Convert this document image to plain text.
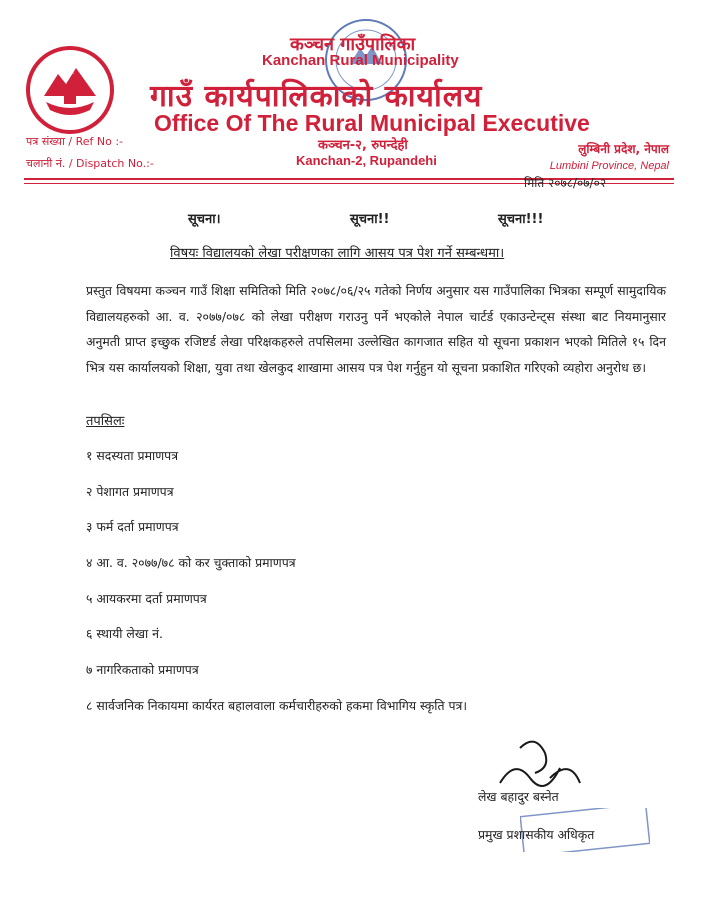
कञ्चन गाउँपालिका
Kanchan Rural Municipality
गाउँ कार्यपालिकाको कार्यालय
Office Of The Rural Municipal Executive
कञ्चन-२, रुपन्देही
Kanchan-2, Rupandehi
पत्र संख्या / Ref No :-
चलानी नं. / Dispatch No.:-
लुम्बिनी प्रदेश, नेपाल
Lumbini Province, Nepal
मिति २०७८/०७/०२
सूचना।	सूचना!!	सूचना!!!
विषयः विद्यालयको लेखा परीक्षणका लागि आसय पत्र पेश गर्ने सम्बन्धमा।
प्रस्तुत विषयमा कञ्चन गाउँ शिक्षा समितिको मिति २०७८/०६/२५ गतेको निर्णय अनुसार यस गाउँपालिका भित्रका सम्पूर्ण सामुदायिक विद्यालयहरुको आ. व. २०७७/०७८ को लेखा परीक्षण गराउनु पर्ने भएकोले नेपाल चार्टर्ड एकाउन्टेन्ट्स संस्था बाट नियमानुसार अनुमती प्राप्त इच्छुक रजिष्टर्ड लेखा परिक्षकहरुले तपसिलमा उल्लेखित कागजात सहित यो सूचना प्रकाशन भएको मितिले १५ दिन भित्र यस कार्यालयको शिक्षा, युवा तथा खेलकुद शाखामा आसय पत्र पेश गर्नुहुन यो सूचना प्रकाशित गरिएको व्यहोरा अनुरोध छ।
तपसिलः
१ सदस्यता प्रमाणपत्र
२ पेशागत प्रमाणपत्र
३ फर्म दर्ता प्रमाणपत्र
४ आ. व. २०७७/७८ को कर चुक्ताको प्रमाणपत्र
५ आयकरमा दर्ता प्रमाणपत्र
६ स्थायी लेखा नं.
७ नागरिकताको प्रमाणपत्र
८ सार्वजनिक निकायमा कार्यरत बहालवाला कर्मचारीहरुको हकमा विभागिय स्कृति पत्र।
लेख बहादुर बस्नेत
प्रमुख प्रशासकीय अधिकृत
